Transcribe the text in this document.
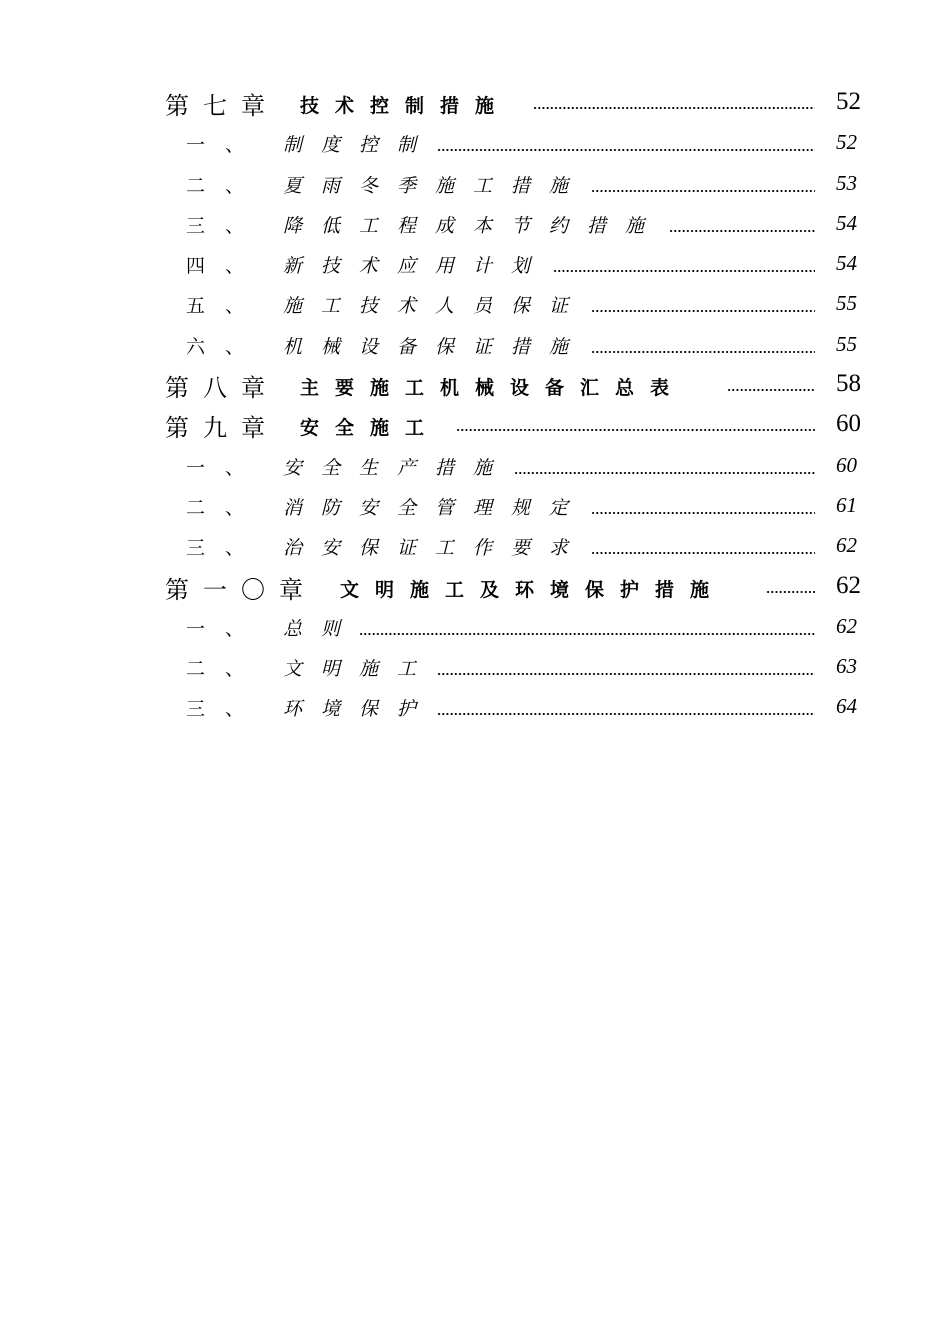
第七章 技术控制措施	52
一、 制度控制	52
二、 夏雨冬季施工措施	53
三、 降低工程成本节约措施	54
四、 新技术应用计划	54
五、 施工技术人员保证	55
六、 机械设备保证措施	55
第八章 主要施工机械设备汇总表	58
第九章 安全施工	60
一、 安全生产措施	60
二、 消防安全管理规定	61
三、 治安保证工作要求	62
第一〇章 文明施工及环境保护措施	62
一、 总则	62
二、 文明施工	63
三、 环境保护	64
